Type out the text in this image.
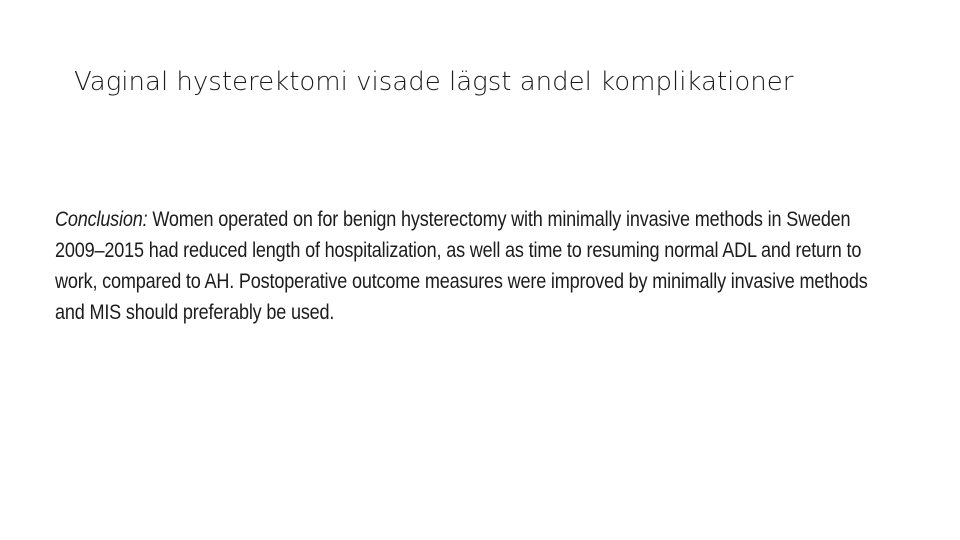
Vaginal hysterektomi visade lägst andel komplikationer
Conclusion: Women operated on for benign hysterectomy with minimally invasive methods in Sweden
2009–2015 had reduced length of hospitalization, as well as time to resuming normal ADL and return to
work, compared to AH. Postoperative outcome measures were improved by minimally invasive methods
and MIS should preferably be used.
